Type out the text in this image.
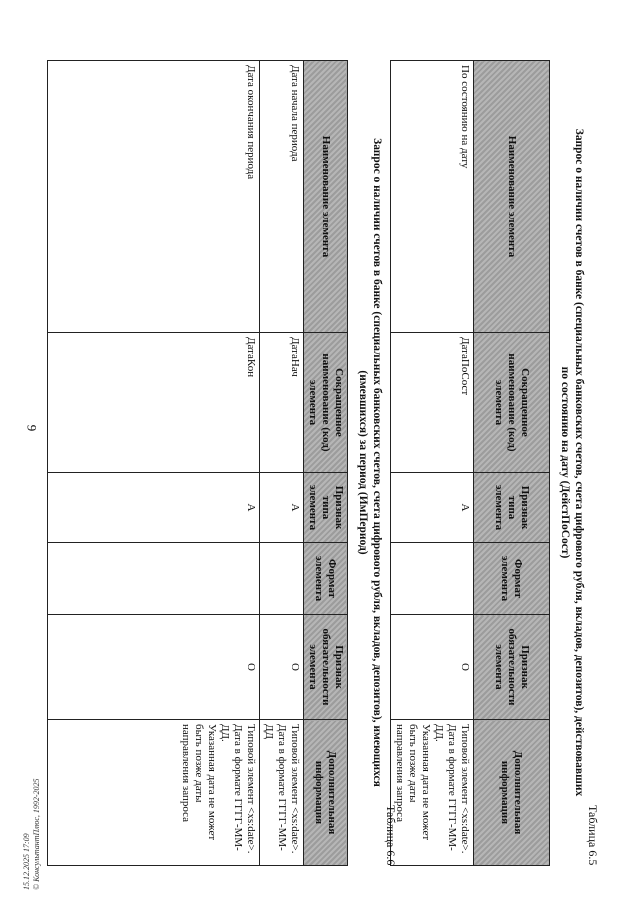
9
Таблица 6.5
Запрос о наличии счетов в банке (специальных банковских счетов, счета цифрового рубля, вкладов, депозитов), действовавших
по состоянию на дату (ДейстПоСост)
Наименование элемента	Сокращенное наименование (код) элемента	Признак типа элемента	Формат элемента	Признак обязательности элемента	Дополнительная информация
По состоянию на дату	ДатаПоСост	А		О	Типовой элемент <xs:date>.
Дата в формате ГГГГ-ММ-ДД.
Указанная дата не может быть позже даты
направления запроса
Таблица 6.6
Запрос о наличии счетов в банке (специальных банковских счетов, счета цифрового рубля, вкладов, депозитов), имеющихся
(имевшихся) за период (ИмПериод)
Наименование элемента	Сокращенное наименование (код) элемента	Признак типа элемента	Формат элемента	Признак обязательности элемента	Дополнительная информация
Дата начала периода	ДатаНач	А		О	Типовой элемент <xs:date>.
Дата в формате ГГГГ-ММ-ДД

Дата окончания периода	ДатаКон	А		О	Типовой элемент <xs:date>.
Дата в формате ГГГГ-ММ-ДД.
Указанная дата не может быть позже даты
направления запроса
15.12.2025 17:09 © КонсультантПлюс, 1992-2025
